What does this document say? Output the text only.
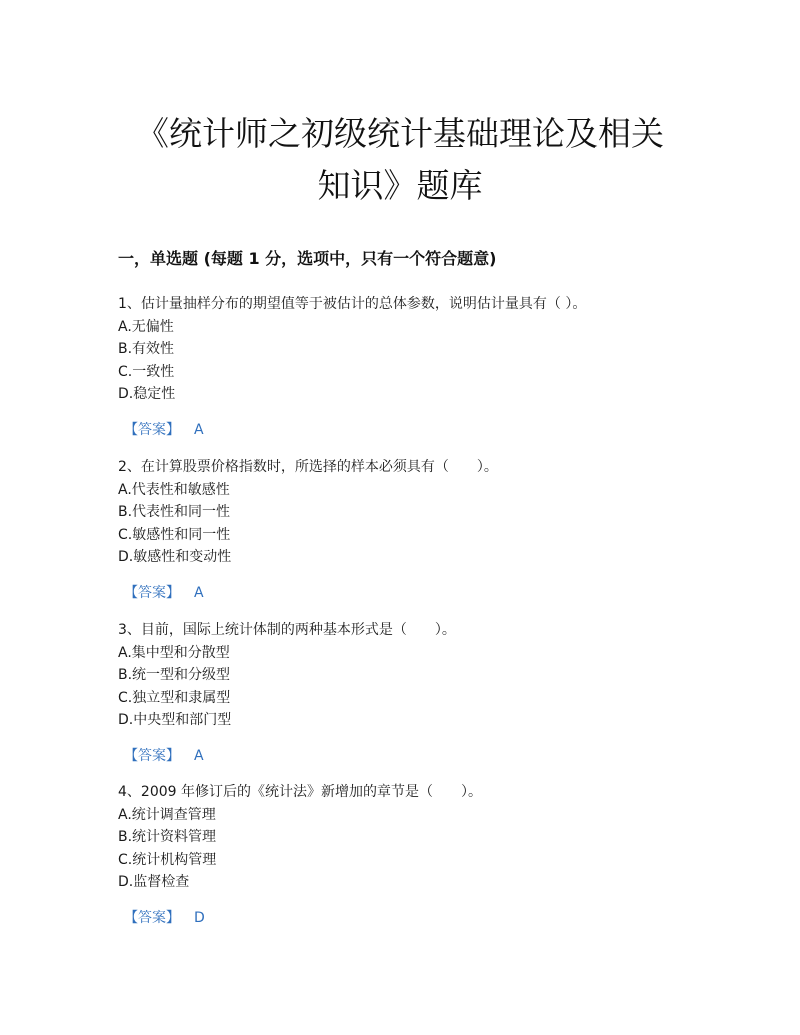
《统计师之初级统计基础理论及相关
知识》题库
一，单选题 (每题 1 分，选项中，只有一个符合题意)
1、估计量抽样分布的期望值等于被估计的总体参数，说明估计量具有（ ）。
A.无偏性
B.有效性
C.一致性
D.稳定性
【答案】 A
2、在计算股票价格指数时，所选择的样本必须具有（　　）。
A.代表性和敏感性
B.代表性和同一性
C.敏感性和同一性
D.敏感性和变动性
【答案】 A
3、目前，国际上统计体制的两种基本形式是（　　）。
A.集中型和分散型
B.统一型和分级型
C.独立型和隶属型
D.中央型和部门型
【答案】 A
4、2009 年修订后的《统计法》新增加的章节是（　　）。
A.统计调查管理
B.统计资料管理
C.统计机构管理
D.监督检查
【答案】 D
